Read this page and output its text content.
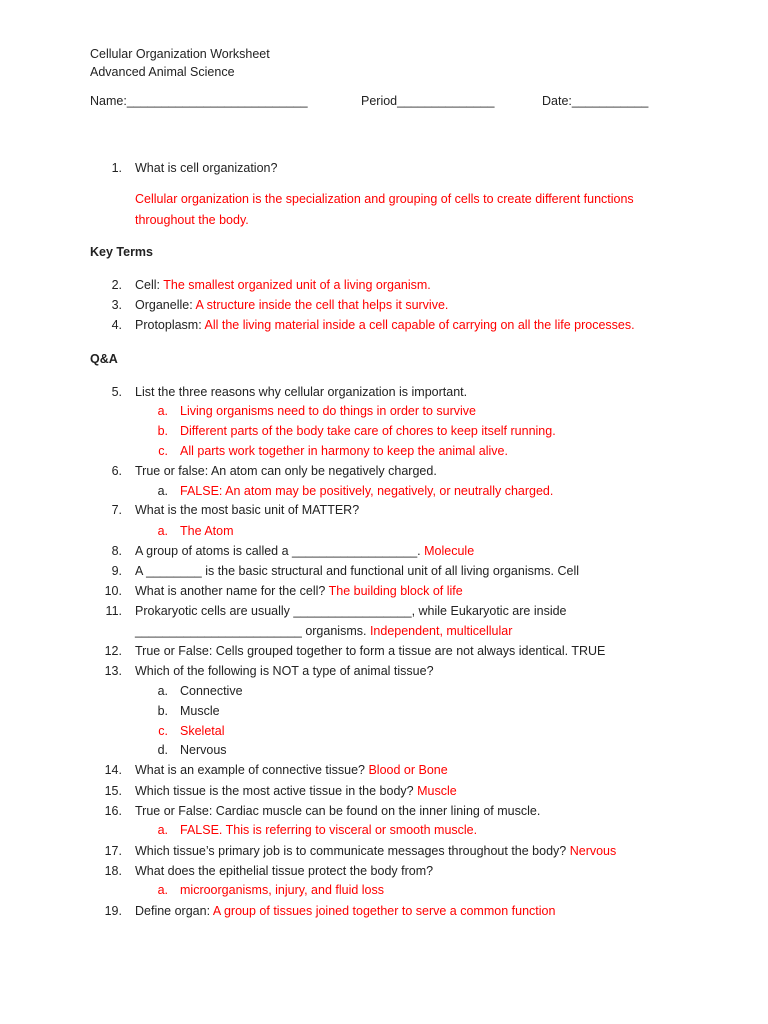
Cellular Organization Worksheet
Advanced Animal Science
Name:__________________________	Period______________	Date:___________
1. What is cell organization?
Cellular organization is the specialization and grouping of cells to create different functions
throughout the body.
Key Terms
2. Cell: The smallest organized unit of a living organism.
3. Organelle: A structure inside the cell that helps it survive.
4. Protoplasm: All the living material inside a cell capable of carrying on all the life processes.
Q&A
5. List the three reasons why cellular organization is important.
a. Living organisms need to do things in order to survive
b. Different parts of the body take care of chores to keep itself running.
c. All parts work together in harmony to keep the animal alive.
6. True or false: An atom can only be negatively charged.
a. FALSE: An atom may be positively, negatively, or neutrally charged.
7. What is the most basic unit of MATTER?
a. The Atom
8. A group of atoms is called a __________________. Molecule
9. A ________ is the basic structural and functional unit of all living organisms. Cell
10. What is another name for the cell? The building block of life
11. Prokaryotic cells are usually _________________, while Eukaryotic are inside
________________________ organisms. Independent, multicellular
12. True or False: Cells grouped together to form a tissue are not always identical. TRUE
13. Which of the following is NOT a type of animal tissue?
a. Connective
b. Muscle
c. Skeletal
d. Nervous
14. What is an example of connective tissue? Blood or Bone
15. Which tissue is the most active tissue in the body? Muscle
16. True or False: Cardiac muscle can be found on the inner lining of muscle.
a. FALSE. This is referring to visceral or smooth muscle.
17. Which tissue’s primary job is to communicate messages throughout the body? Nervous
18. What does the epithelial tissue protect the body from?
a. microorganisms, injury, and fluid loss
19. Define organ: A group of tissues joined together to serve a common function
